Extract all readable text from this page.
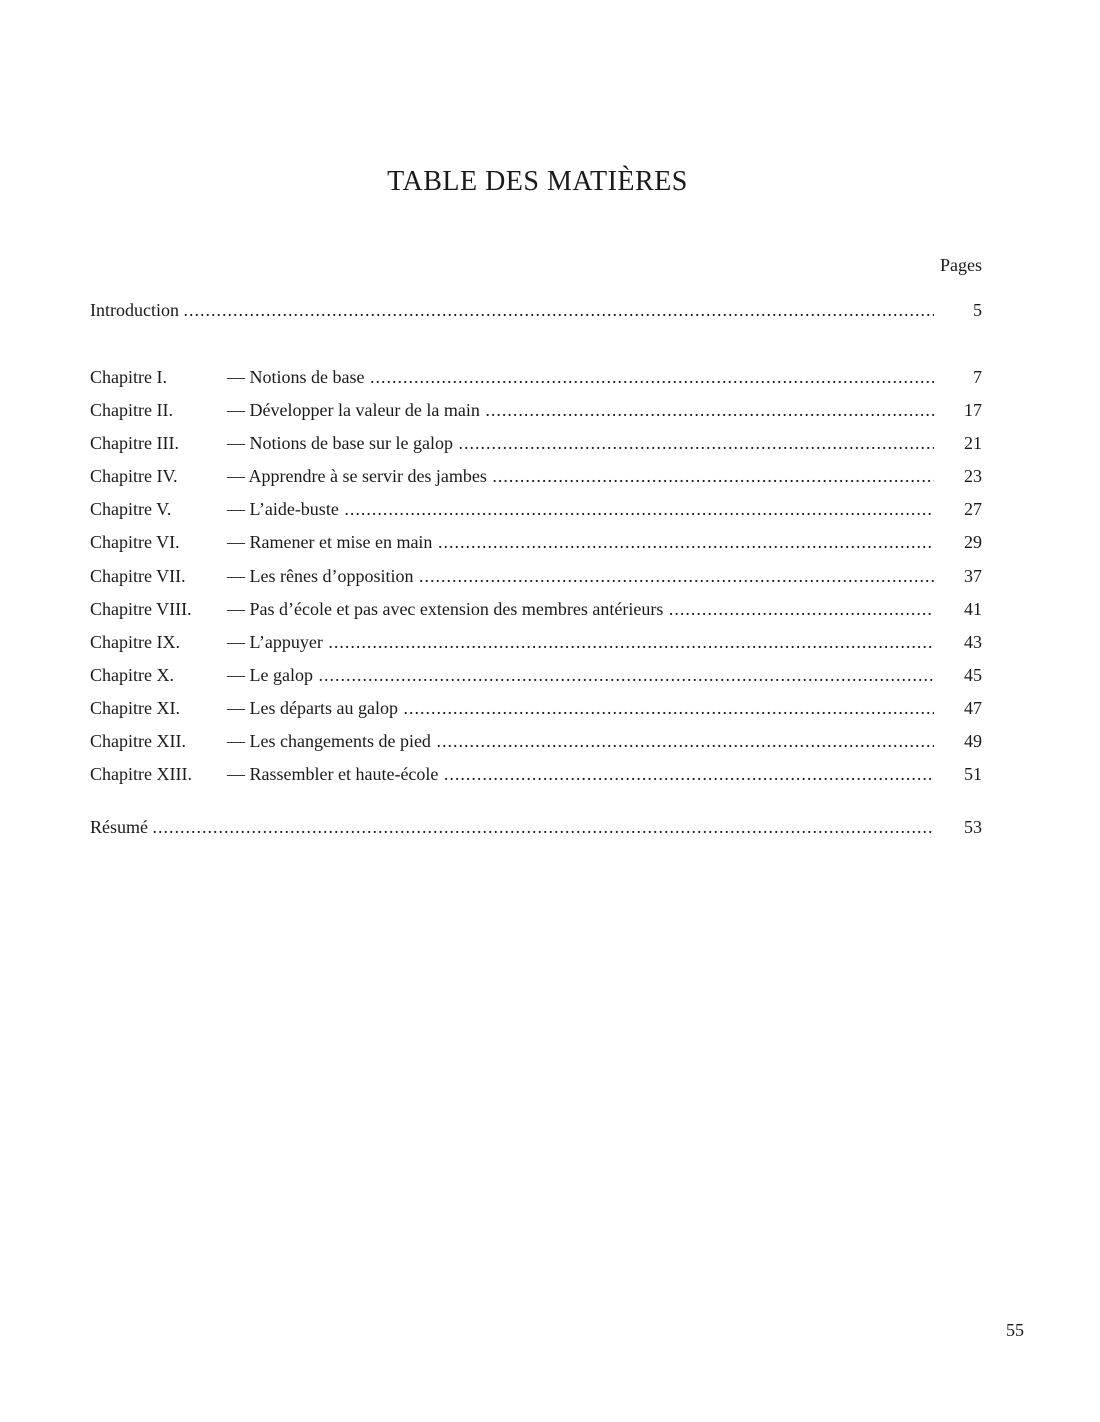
TABLE DES MATIÈRES
Pages
Introduction .....	5
Chapitre I.	— Notions de base .....	7
Chapitre II.	— Développer la valeur de la main .....	17
Chapitre III.	— Notions de base sur le galop .....	21
Chapitre IV.	— Apprendre à se servir des jambes .....	23
Chapitre V.	— L’aide-buste .....	27
Chapitre VI.	— Ramener et mise en main .....	29
Chapitre VII. — Les rênes d’opposition .....	37
Chapitre VIII. — Pas d’école et pas avec extension des membres antérieurs .....	41
Chapitre IX.	— L’appuyer .....	43
Chapitre X.	— Le galop .....	45
Chapitre XI.	— Les départs au galop .....	47
Chapitre XII. — Les changements de pied .....	49
Chapitre XIII. — Rassembler et haute-école .....	51
Résumé .....	53
55
